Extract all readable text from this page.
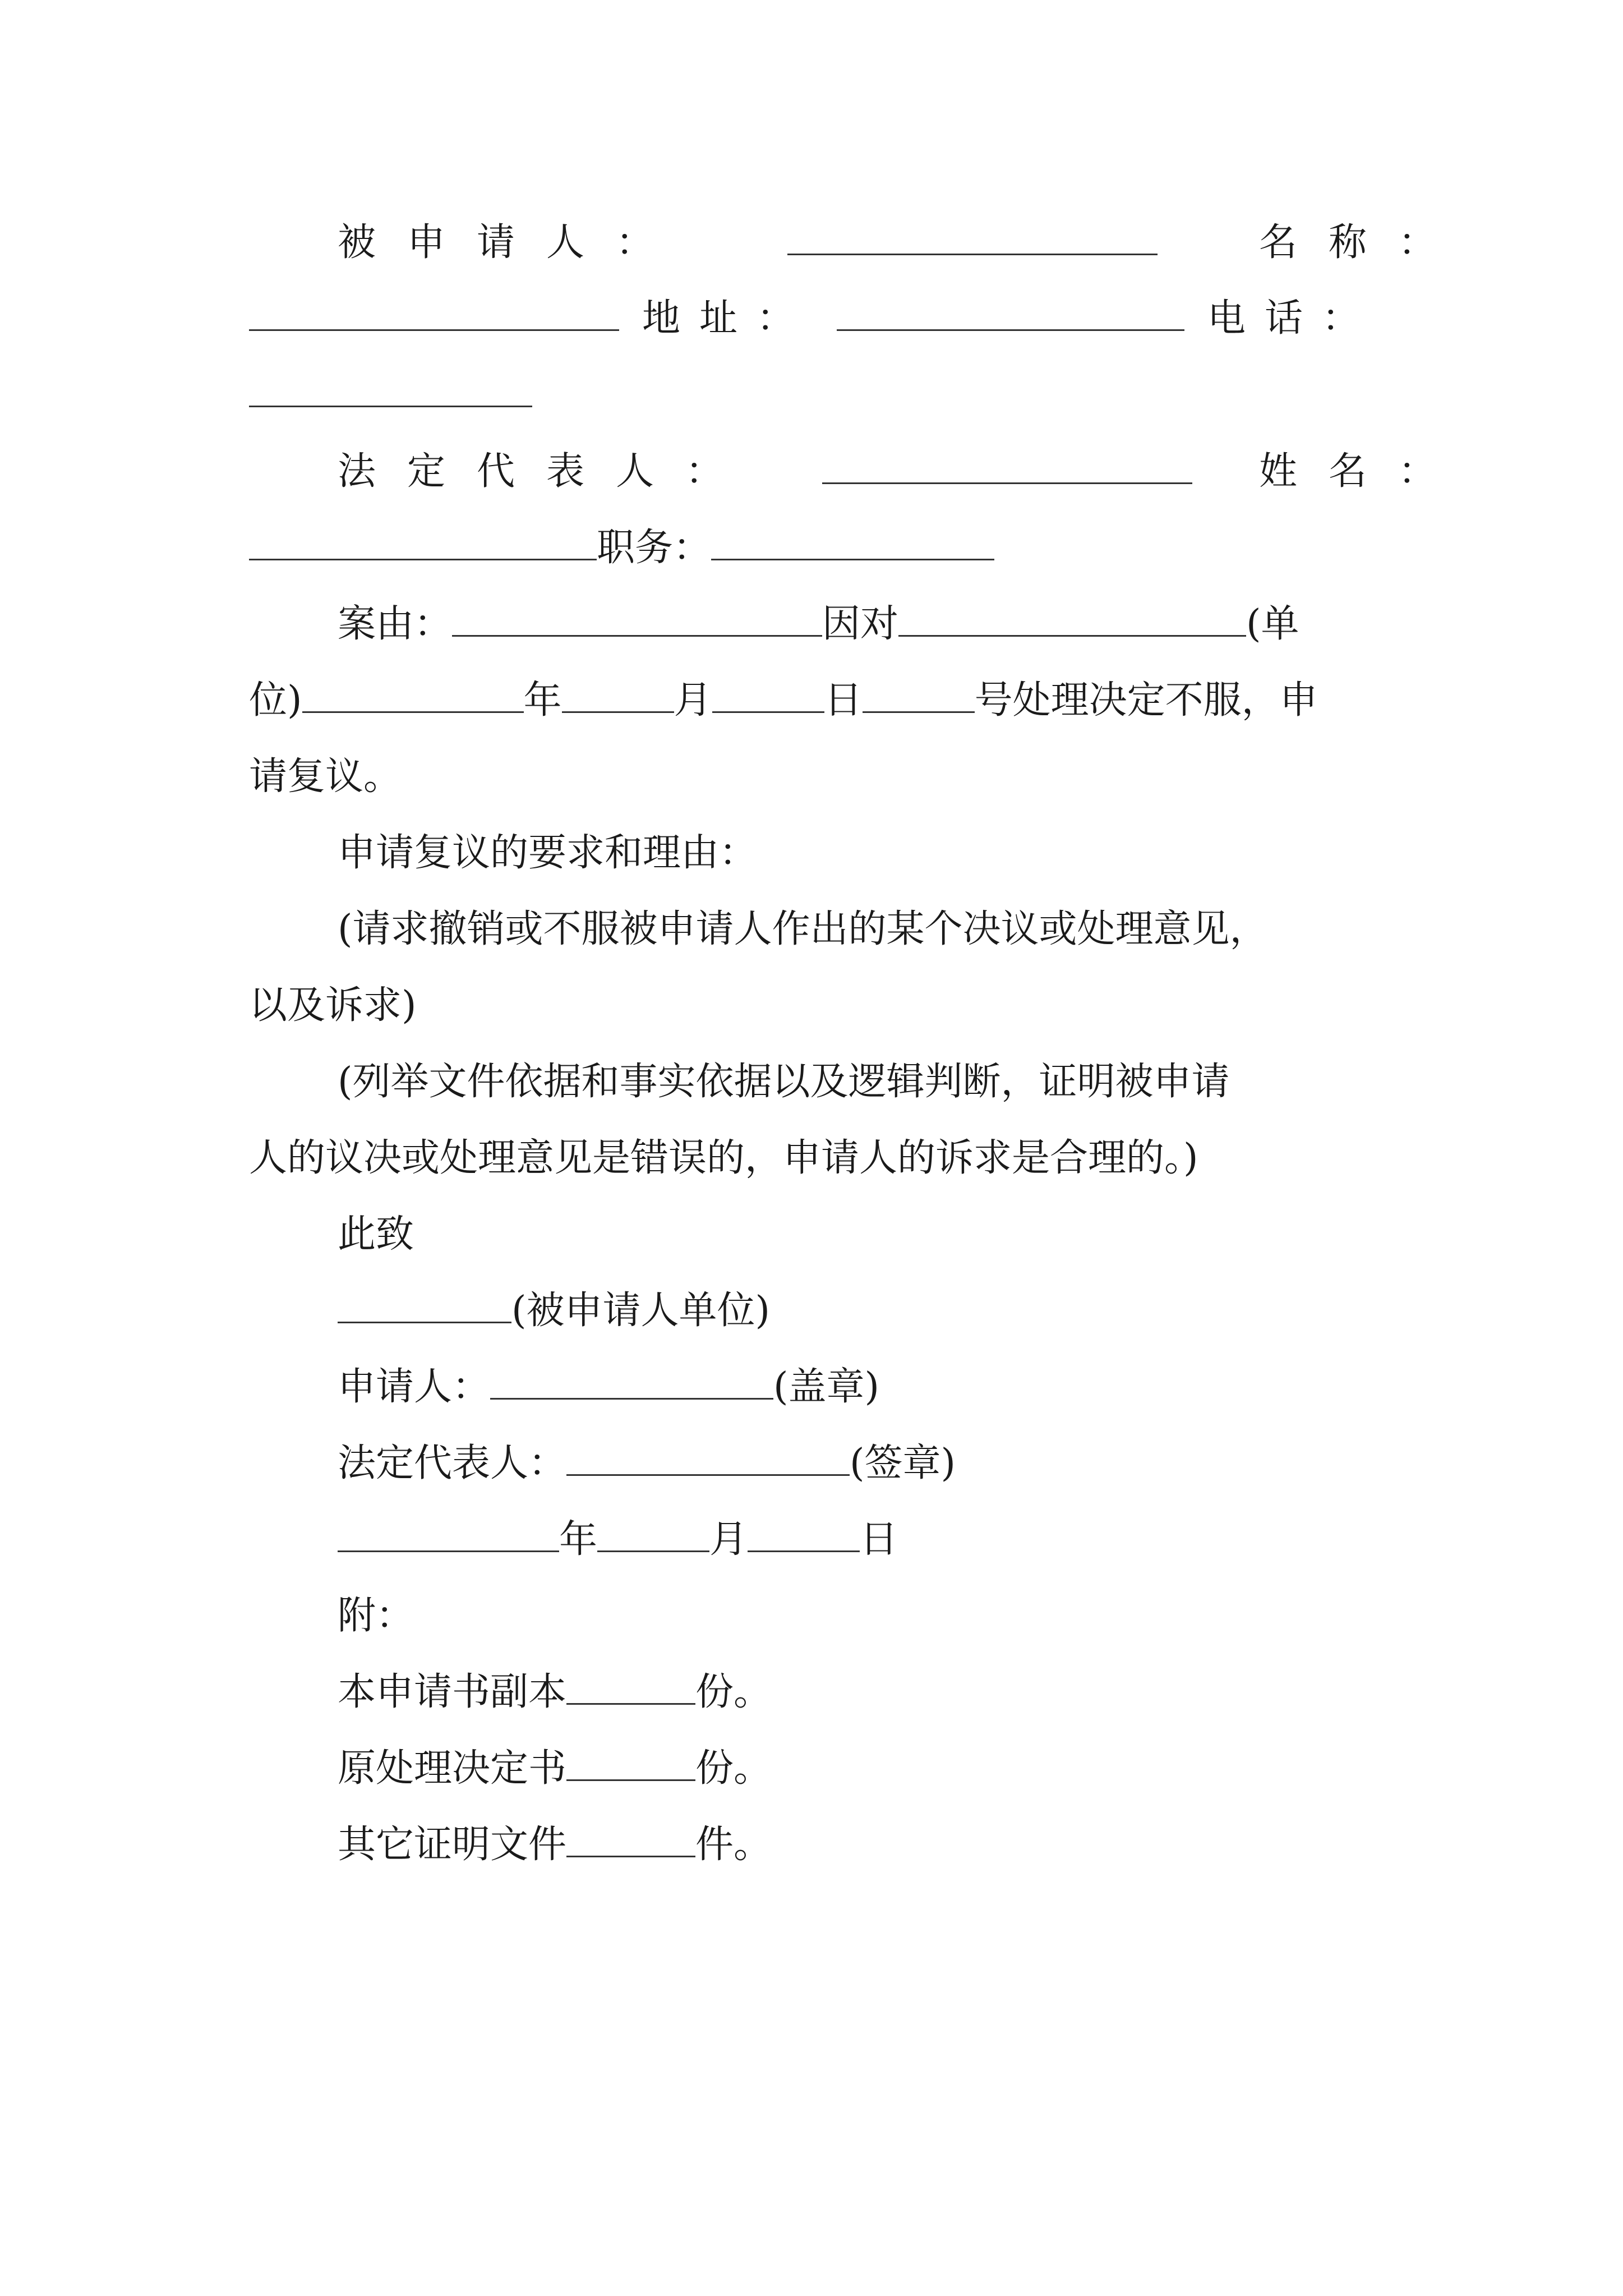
被申请人：	名称：
地址：	电话：
法定代表人：	姓名：
职务：
案由：	因对	(单
位)	年	月	日	号处理决定不服，申
请复议。
申请复议的要求和理由：
(请求撤销或不服被申请人作出的某个决议或处理意见，
以及诉求)
(列举文件依据和事实依据以及逻辑判断，证明被申请
人的议决或处理意见是错误的，申请人的诉求是合理的。)
此致
(被申请人单位)
申请人：	(盖章)
法定代表人：	(签章)
年	月	日
附：
本申请书副本	份。
原处理决定书	份。
其它证明文件	件。
